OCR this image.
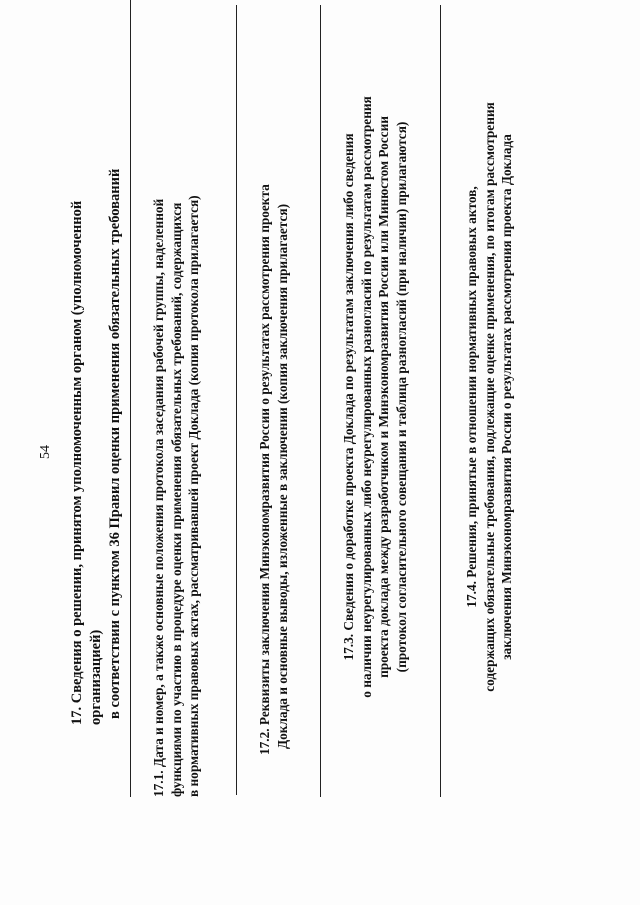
54 17. Сведения о решении, принятом уполномоченным органом (уполномоченной организацией) в соответствии с пунктом 36 Правил оценки применения обязательных требований 17.1. Дата и номер, а также основные положения протокола заседания рабочей группы, наделенной функциями по участию в процедуре оценки применения обязательных требований, содержащихся в нормативных правовых актах, рассматривавшей проект Доклада (копия протокола прилагается)	17.2. Реквизиты заключения Минэкономразвития России о результатах рассмотрения проекта Доклада и основные выводы, изложенные в заключении (копия заключения прилагается)	17.3. Сведения о доработке проекта Доклада по результатам заключения либо сведения о наличии неурегулированных либо неурегулированных разногласий по результатам рассмотрения проекта доклада между разработчиком и Минэкономразвития России или Минюстом России (протокол согласительного совещания и таблица разногласий (при наличии) прилагаются)	17.4. Решения, принятые в отношении нормативных правовых актов, содержащих обязательные требования, подлежащие оценке применения, по итогам рассмотрения заключения Минэкономразвития России о результатах рассмотрения проекта Доклада
